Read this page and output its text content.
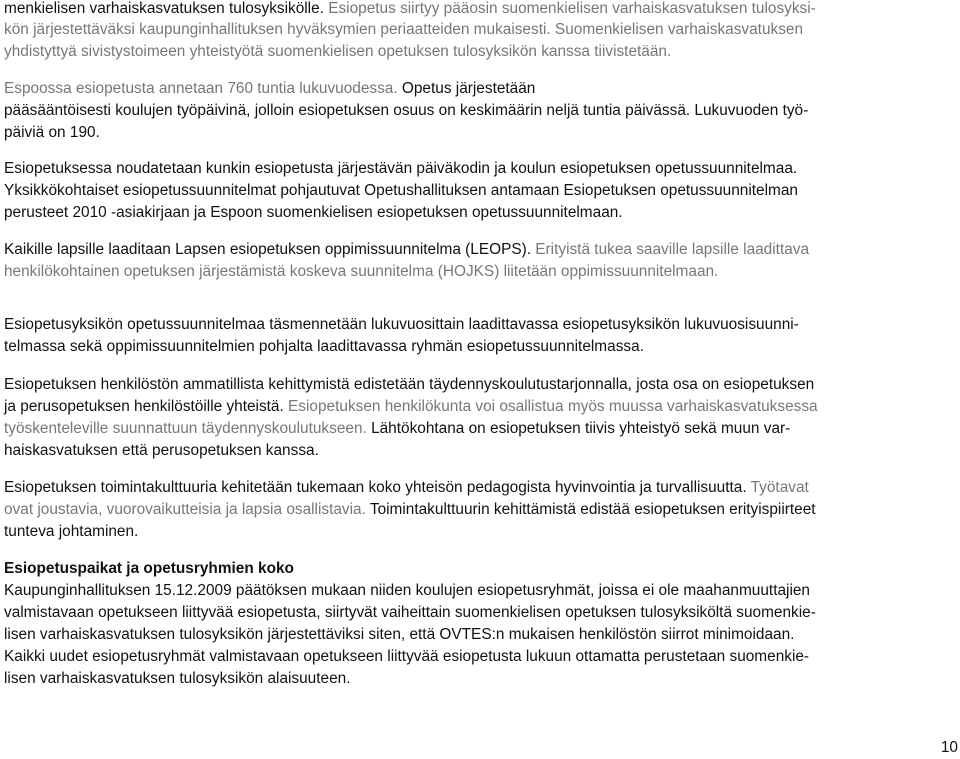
menkielisen varhaiskasvatuksen tulosyksikölle. Esiopetus siirtyy pääosin suomenkielisen varhaiskasvatuksen tulosyksi-
kön järjestettäväksi kaupunginhallituksen hyväksymien periaatteiden mukaisesti. Suomenkielisen varhaiskasvatuksen
yhdistyttyä sivistystoimeen yhteistyötä suomenkielisen opetuksen tulosyksikön kanssa tiivistetään.
Espoossa esiopetusta annetaan 760 tuntia lukuvuodessa. Opetus järjestetään
pääsääntöisesti koulujen työpäivinä, jolloin esiopetuksen osuus on keskimäärin neljä tuntia päivässä. Lukuvuoden työ-
päiviä on 190.
Esiopetuksessa noudatetaan kunkin esiopetusta järjestävän päiväkodin ja koulun esiopetuksen opetussuunnitelmaa.
Yksikkökohtaiset esiopetussuunnitelmat pohjautuvat Opetushallituksen antamaan Esiopetuksen opetussuunnitelman
perusteet 2010 -asiakirjaan ja Espoon suomenkielisen esiopetuksen opetussuunnitelmaan.
Kaikille lapsille laaditaan Lapsen esiopetuksen oppimissuunnitelma (LEOPS). Erityistä tukea saaville lapsille laadittava
henkilökohtainen opetuksen järjestämistä koskeva suunnitelma (HOJKS) liitetään oppimissuunnitelmaan.
Esiopetusyksikön opetussuunnitelmaa täsmennetään lukuvuosittain laadittavassa esiopetusyksikön lukuvuosisuunni-
telmassa sekä oppimissuunnitelmien pohjalta laadittavassa ryhmän esiopetussuunnitelmassa.
Esiopetuksen henkilöstön ammatillista kehittymistä edistetään täydennyskoulutustarjonnalla, josta osa on esiopetuksen
ja perusopetuksen henkilöstöille yhteistä. Esiopetuksen henkilökunta voi osallistua myös muussa varhaiskasvatuksessa
työskenteleville suunnattuun täydennyskoulutukseen. Lähtökohtana on esiopetuksen tiivis yhteistyö sekä muun var-
haiskasvatuksen että perusopetuksen kanssa.
Esiopetuksen toimintakulttuuria kehitetään tukemaan koko yhteisön pedagogista hyvinvointia ja turvallisuutta. Työtavat
ovat joustavia, vuorovaikutteisia ja lapsia osallistavia. Toimintakulttuurin kehittämistä edistää esiopetuksen erityispiirteet
tunteva johtaminen.
Esiopetuspaikat ja opetusryhmien koko
Kaupunginhallituksen 15.12.2009 päätöksen mukaan niiden koulujen esiopetusryhmät, joissa ei ole maahanmuuttajien
valmistavaan opetukseen liittyvää esiopetusta, siirtyvät vaiheittain suomenkielisen opetuksen tulosyksiköltä suomenkie-
lisen varhaiskasvatuksen tulosyksikön järjestettäviksi siten, että OVTES:n mukaisen henkilöstön siirrot minimoidaan.
Kaikki uudet esiopetusryhmät valmistavaan opetukseen liittyvää esiopetusta lukuun ottamatta perustetaan suomenkie-
lisen varhaiskasvatuksen tulosyksikön alaisuuteen.
10
